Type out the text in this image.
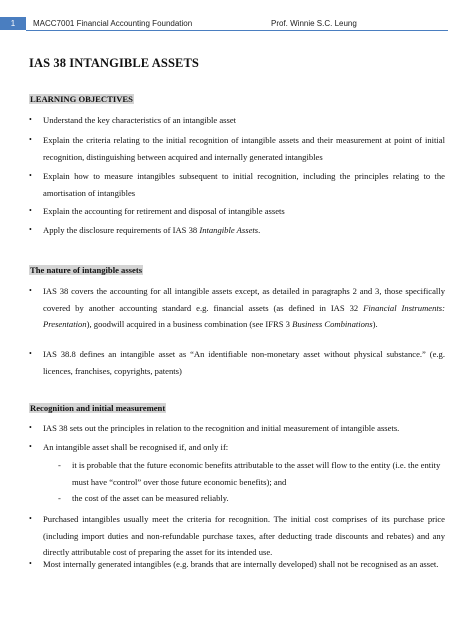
1	MACC7001 Financial Accounting Foundation	Prof. Winnie S.C. Leung
IAS 38 INTANGIBLE ASSETS
LEARNING OBJECTIVES
•	Understand the key characteristics of an intangible asset
•	Explain the criteria relating to the initial recognition of intangible assets and their measurement at point of initial recognition, distinguishing between acquired and internally generated intangibles
•	Explain how to measure intangibles subsequent to initial recognition, including the principles relating to the amortisation of intangibles
•	Explain the accounting for retirement and disposal of intangible assets
•	Apply the disclosure requirements of IAS 38 Intangible Assets.
The nature of intangible assets
•	IAS 38 covers the accounting for all intangible assets except, as detailed in paragraphs 2 and 3, those specifically covered by another accounting standard e.g. financial assets (as defined in IAS 32 Financial Instruments: Presentation), goodwill acquired in a business combination (see IFRS 3 Business Combinations).
•	IAS 38.8 defines an intangible asset as “An identifiable non-monetary asset without physical substance.” (e.g. licences, franchises, copyrights, patents)
Recognition and initial measurement
•	IAS 38 sets out the principles in relation to the recognition and initial measurement of intangible assets.
•	An intangible asset shall be recognised if, and only if:
- it is probable that the future economic benefits attributable to the asset will flow to the entity (i.e. the entity must have “control” over those future economic benefits); and
- the cost of the asset can be measured reliably.
•	Purchased intangibles usually meet the criteria for recognition. The initial cost comprises of its purchase price (including import duties and non-refundable purchase taxes, after deducting trade discounts and rebates) and any directly attributable cost of preparing the asset for its intended use.
•	Most internally generated intangibles (e.g. brands that are internally developed) shall not be recognised as an asset.
